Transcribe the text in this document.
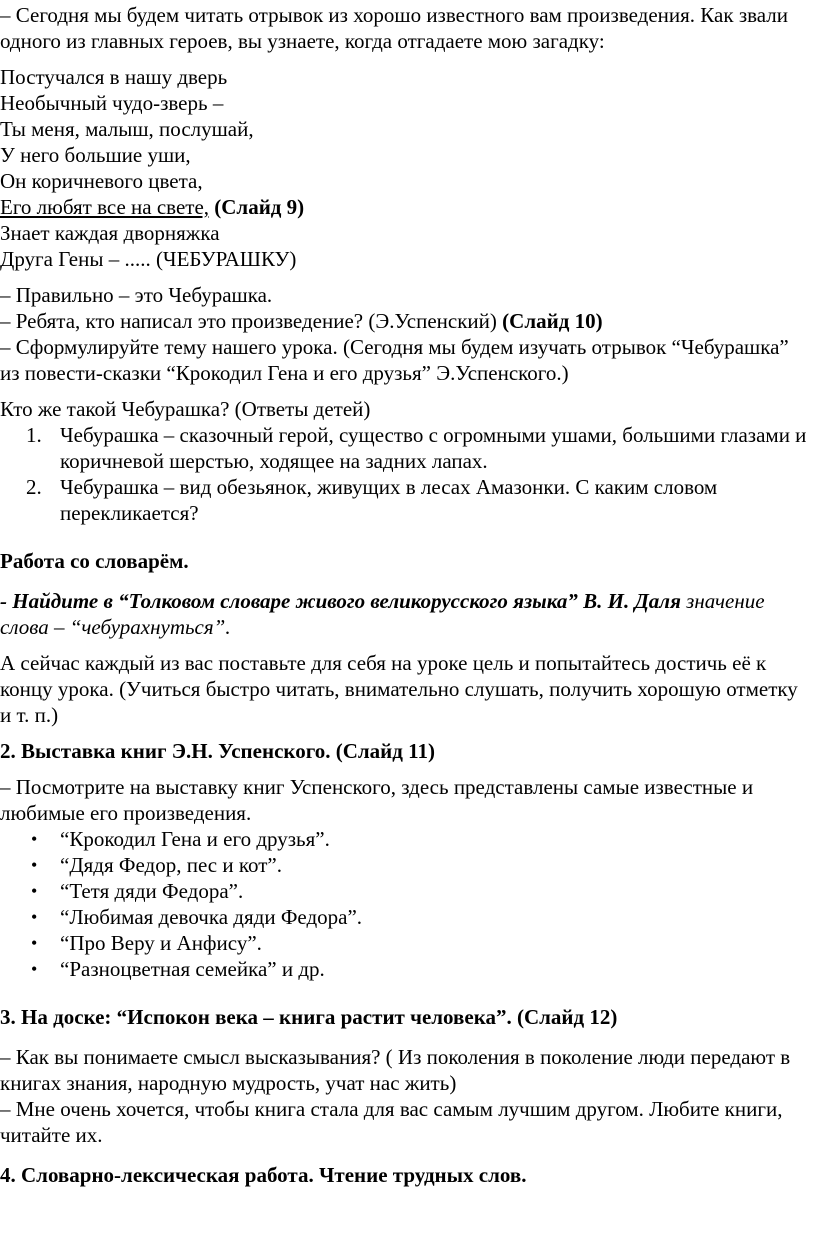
– Сегодня мы будем читать отрывок из хорошо известного вам произведения. Как звали одного из главных героев, вы узнаете, когда отгадаете мою загадку:

Постучался в нашу дверь

Необычный чудо-зверь –

Ты меня, малыш, послушай,

У него большие уши,

Он коричневого цвета,

Его любят все на свете, (Слайд 9)

Знает каждая дворняжка

Друга Гены – ..... (ЧЕБУРАШКУ)

– Правильно – это Чебурашка.

– Ребята, кто написал это произведение? (Э.Успенский) (Слайд 10)

– Сформулируйте тему нашего урока. (Сегодня мы будем изучать отрывок “Чебурашка” из повести-сказки “Крокодил Гена и его друзья” Э.Успенского.)

Кто же такой Чебурашка? (Ответы детей)

1. Чебурашка – сказочный герой, существо с огромными ушами, большими глазами и коричневой шерстью, ходящее на задних лапах.
2. Чебурашка – вид обезьянок, живущих в лесах Амазонки. С каким словом перекликается?

Работа со словарём.

- Найдите в “Толковом словаре живого великорусского языка” В. И. Даля значение слова – “чебурахнуться”.

А сейчас каждый из вас поставьте для себя на уроке цель и попытайтесь достичь её к концу урока. (Учиться быстро читать, внимательно слушать, получить хорошую отметку и т. п.)

2. Выставка книг Э.Н. Успенского. (Слайд 11)

– Посмотрите на выставку книг Успенского, здесь представлены самые известные и любимые его произведения.

• “Крокодил Гена и его друзья”.
• “Дядя Федор, пес и кот”.
• “Тетя дяди Федора”.
• “Любимая девочка дяди Федора”.
• “Про Веру и Анфису”.
• “Разноцветная семейка” и др.

3. На доске: “Испокон века – книга растит человека”. (Слайд 12)

– Как вы понимаете смысл высказывания? ( Из поколения в поколение люди передают в книгах знания, народную мудрость, учат нас жить)

– Мне очень хочется, чтобы книга стала для вас самым лучшим другом. Любите книги, читайте их.

4. Словарно-лексическая работа. Чтение трудных слов.
